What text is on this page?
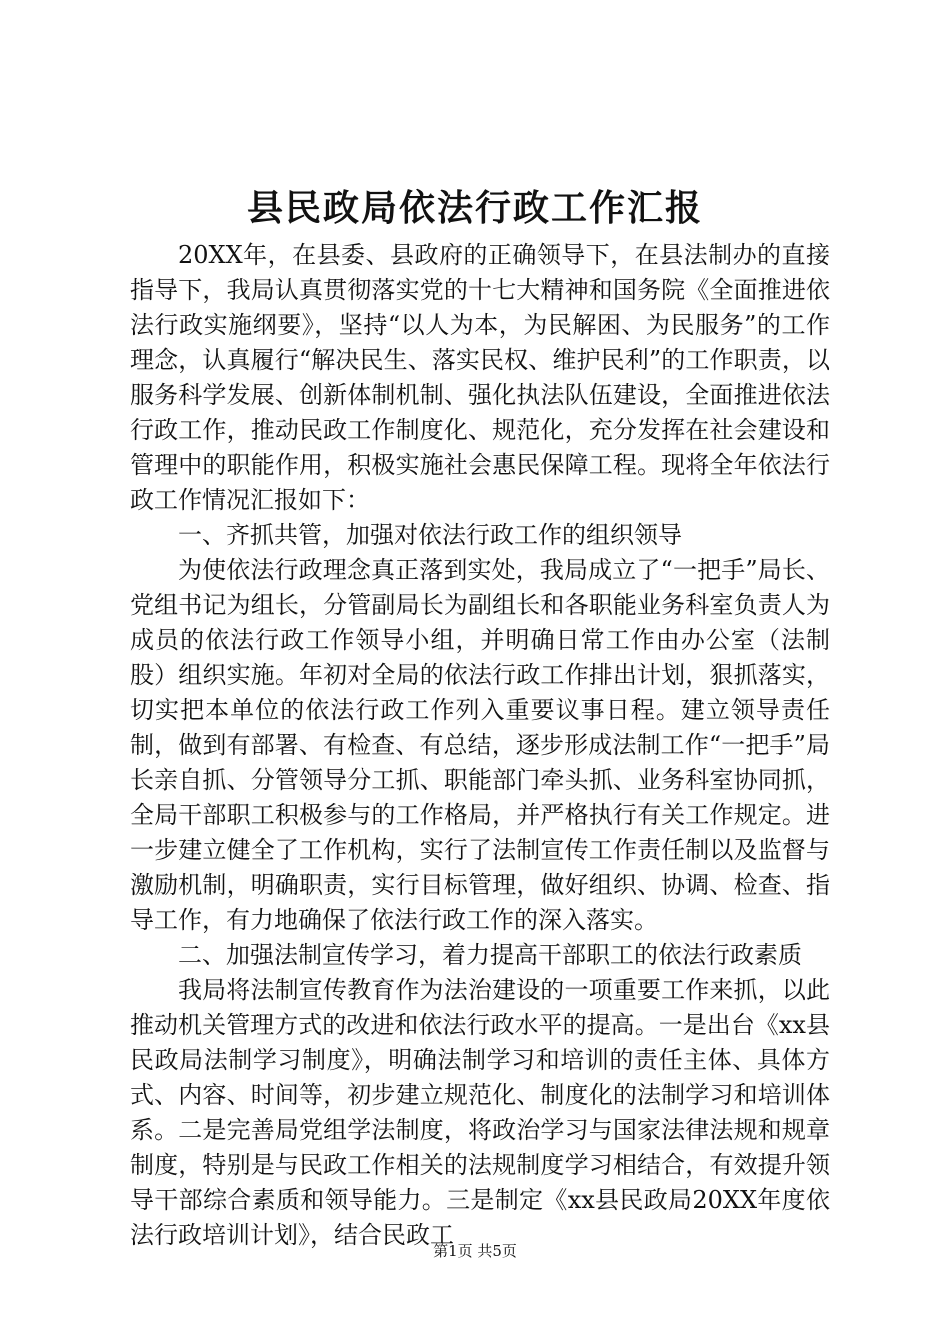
县民政局依法行政工作汇报

20XX年，在县委、县政府的正确领导下，在县法制办的直接指导下，我局认真贯彻落实党的十七大精神和国务院《全面推进依法行政实施纲要》，坚持“以人为本，为民解困、为民服务”的工作理念，认真履行“解决民生、落实民权、维护民利”的工作职责，以服务科学发展、创新体制机制、强化执法队伍建设，全面推进依法行政工作，推动民政工作制度化、规范化，充分发挥在社会建设和管理中的职能作用，积极实施社会惠民保障工程。现将全年依法行政工作情况汇报如下：

一、齐抓共管，加强对依法行政工作的组织领导

为使依法行政理念真正落到实处，我局成立了“一把手”局长、党组书记为组长，分管副局长为副组长和各职能业务科室负责人为成员的依法行政工作领导小组，并明确日常工作由办公室（法制股）组织实施。年初对全局的依法行政工作排出计划，狠抓落实，切实把本单位的依法行政工作列入重要议事日程。建立领导责任制，做到有部署、有检查、有总结，逐步形成法制工作“一把手”局长亲自抓、分管领导分工抓、职能部门牵头抓、业务科室协同抓，全局干部职工积极参与的工作格局，并严格执行有关工作规定。进一步建立健全了工作机构，实行了法制宣传工作责任制以及监督与激励机制，明确职责，实行目标管理，做好组织、协调、检查、指导工作，有力地确保了依法行政工作的深入落实。

二、加强法制宣传学习，着力提高干部职工的依法行政素质

我局将法制宣传教育作为法治建设的一项重要工作来抓，以此推动机关管理方式的改进和依法行政水平的提高。一是出台《xx县民政局法制学习制度》，明确法制学习和培训的责任主体、具体方式、内容、时间等，初步建立规范化、制度化的法制学习和培训体系。二是完善局党组学法制度，将政治学习与国家法律法规和规章制度，特别是与民政工作相关的法规制度学习相结合，有效提升领导干部综合素质和领导能力。三是制定《xx县民政局20XX年度依法行政培训计划》，结合民政工

第1页 共5页
